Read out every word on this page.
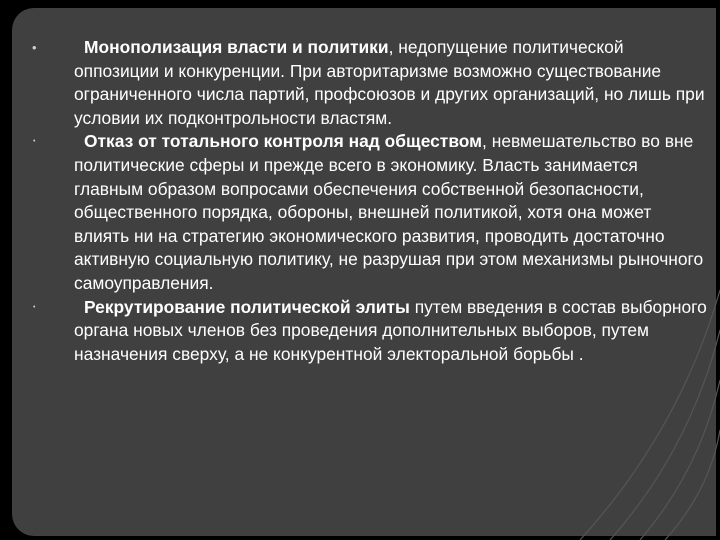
•	Монополизация власти и политики, недопущение политической оппозиции и конкуренции. При авторитаризме возможно существование ограниченного числа партий, профсоюзов и других организаций, но лишь при условии их подконтрольности властям.
•	Отказ от тотального контроля над обществом, невмешательство во вне политические сферы и прежде всего в экономику. Власть занимается главным образом вопросами обеспечения собственной безопасности, общественного порядка, обороны, внешней политикой, хотя она может влиять ни на стратегию экономического развития, проводить достаточно активную социальную политику, не разрушая при этом механизмы рыночного самоуправления.
•	Рекрутирование политической элиты путем введения в состав выборного органа новых членов без проведения дополнительных выборов, путем назначения сверху, а не конкурентной электоральной борьбы .
